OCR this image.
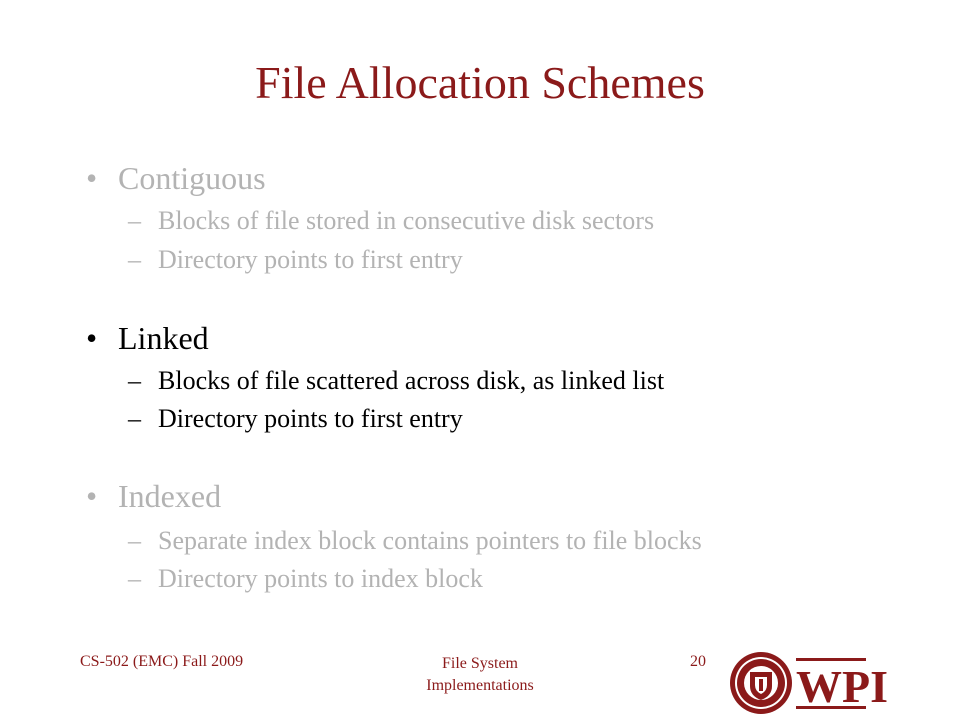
File Allocation Schemes
• Contiguous
– Blocks of file stored in consecutive disk sectors
– Directory points to first entry
• Linked
– Blocks of file scattered across disk, as linked list
– Directory points to first entry
• Indexed
– Separate index block contains pointers to file blocks
– Directory points to index block
CS-502 (EMC) Fall 2009	File System
Implementations
20 WPI
